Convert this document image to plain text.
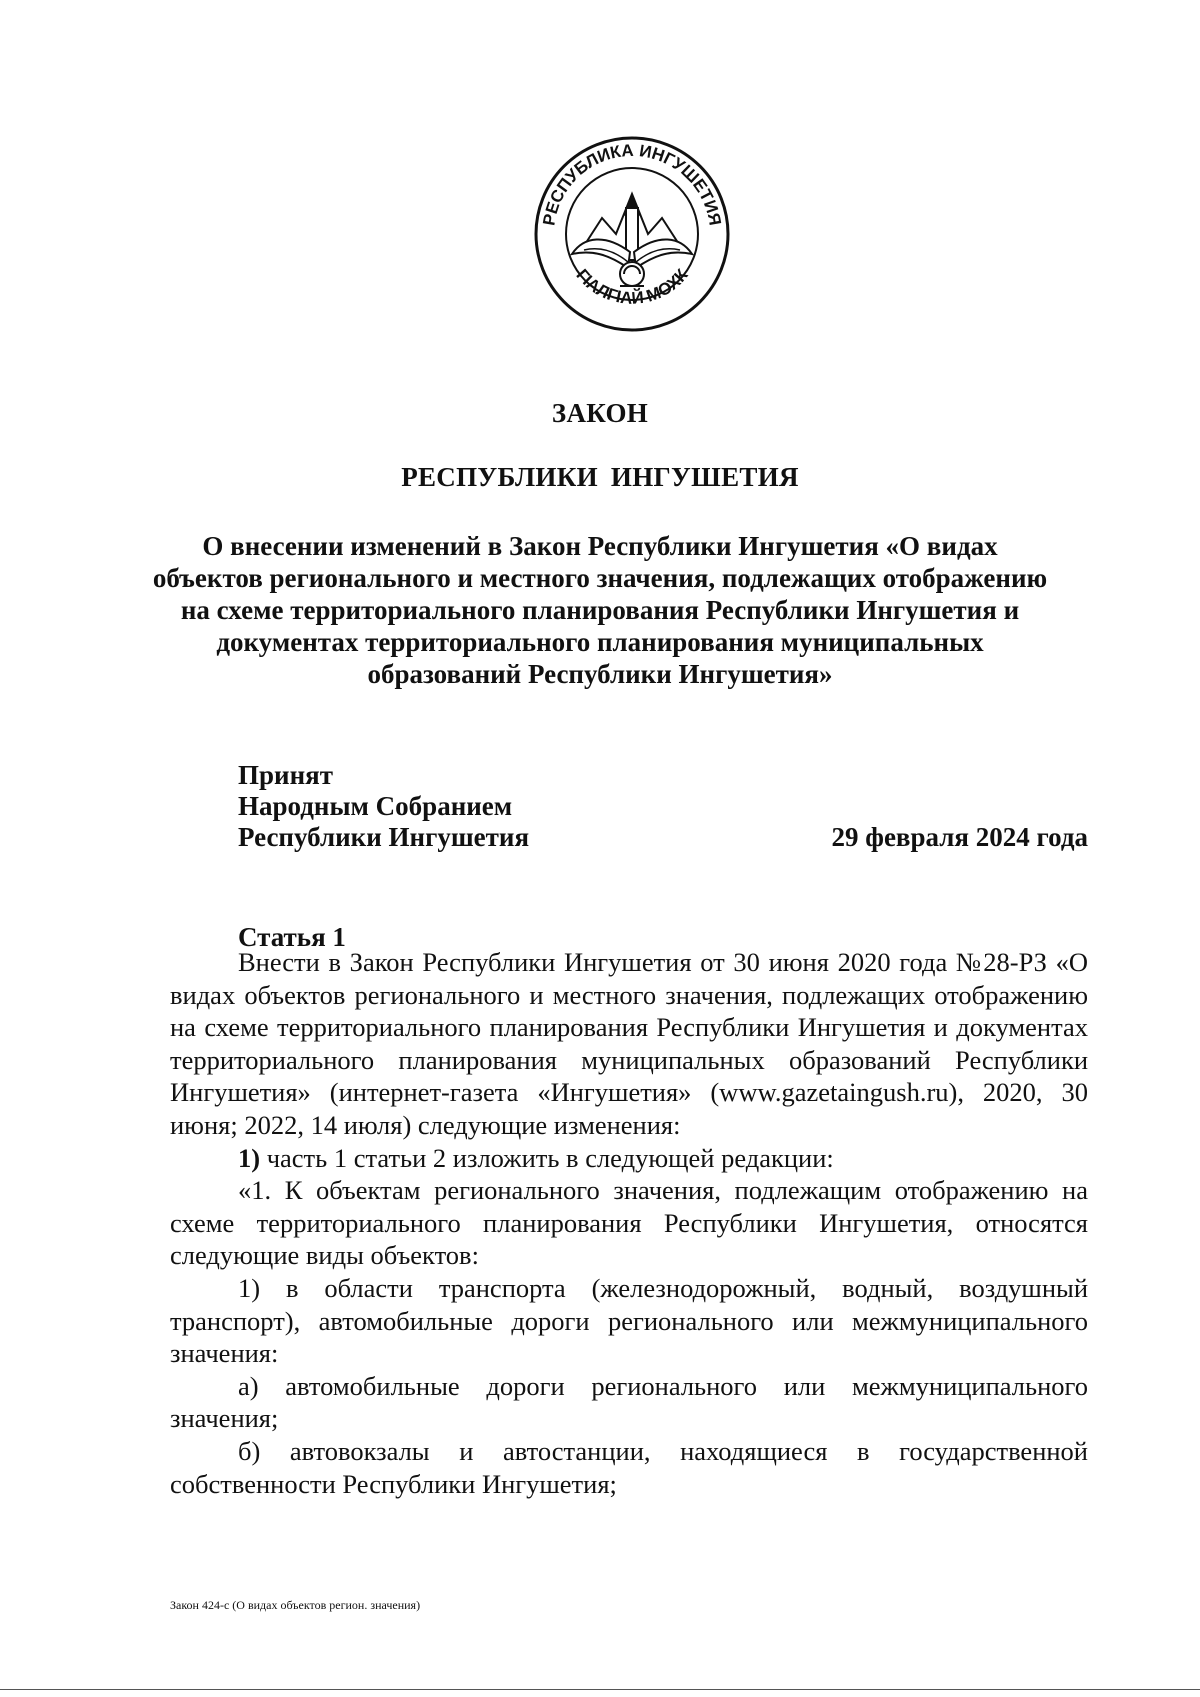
РЕСПУБЛИКА ИНГУШЕТИЯ
ГІАЛГІАЙ МОХК
ЗАКОН
РЕСПУБЛИКИ ИНГУШЕТИЯ
О внесении изменений в Закон Республики Ингушетия «О видах объектов регионального и местного значения, подлежащих отображению на схеме территориального планирования Республики Ингушетия и документах территориального планирования муниципальных образований Республики Ингушетия»
Принят
Народным Собранием
Республики Ингушетия	29 февраля 2024 года
Статья 1

Внести в Закон Республики Ингушетия от 30 июня 2020 года №28-РЗ «О видах объектов регионального и местного значения, подлежащих отображению на схеме территориального планирования Республики Ингушетия и документах территориального планирования муниципальных образований Республики Ингушетия» (интернет-газета «Ингушетия» (www.gazetaingush.ru), 2020, 30 июня; 2022, 14 июля) следующие изменения:

1) часть 1 статьи 2 изложить в следующей редакции:

«1. К объектам регионального значения, подлежащим отображению на схеме территориального планирования Республики Ингушетия, относятся следующие виды объектов:

1) в области транспорта (железнодорожный, водный, воздушный транспорт), автомобильные дороги регионального или межмуниципального значения:

а) автомобильные дороги регионального или межмуниципального значения;

б) автовокзалы и автостанции, находящиеся в государственной собственности Республики Ингушетия;

Закон 424-с (О видах объектов регион. значения)
